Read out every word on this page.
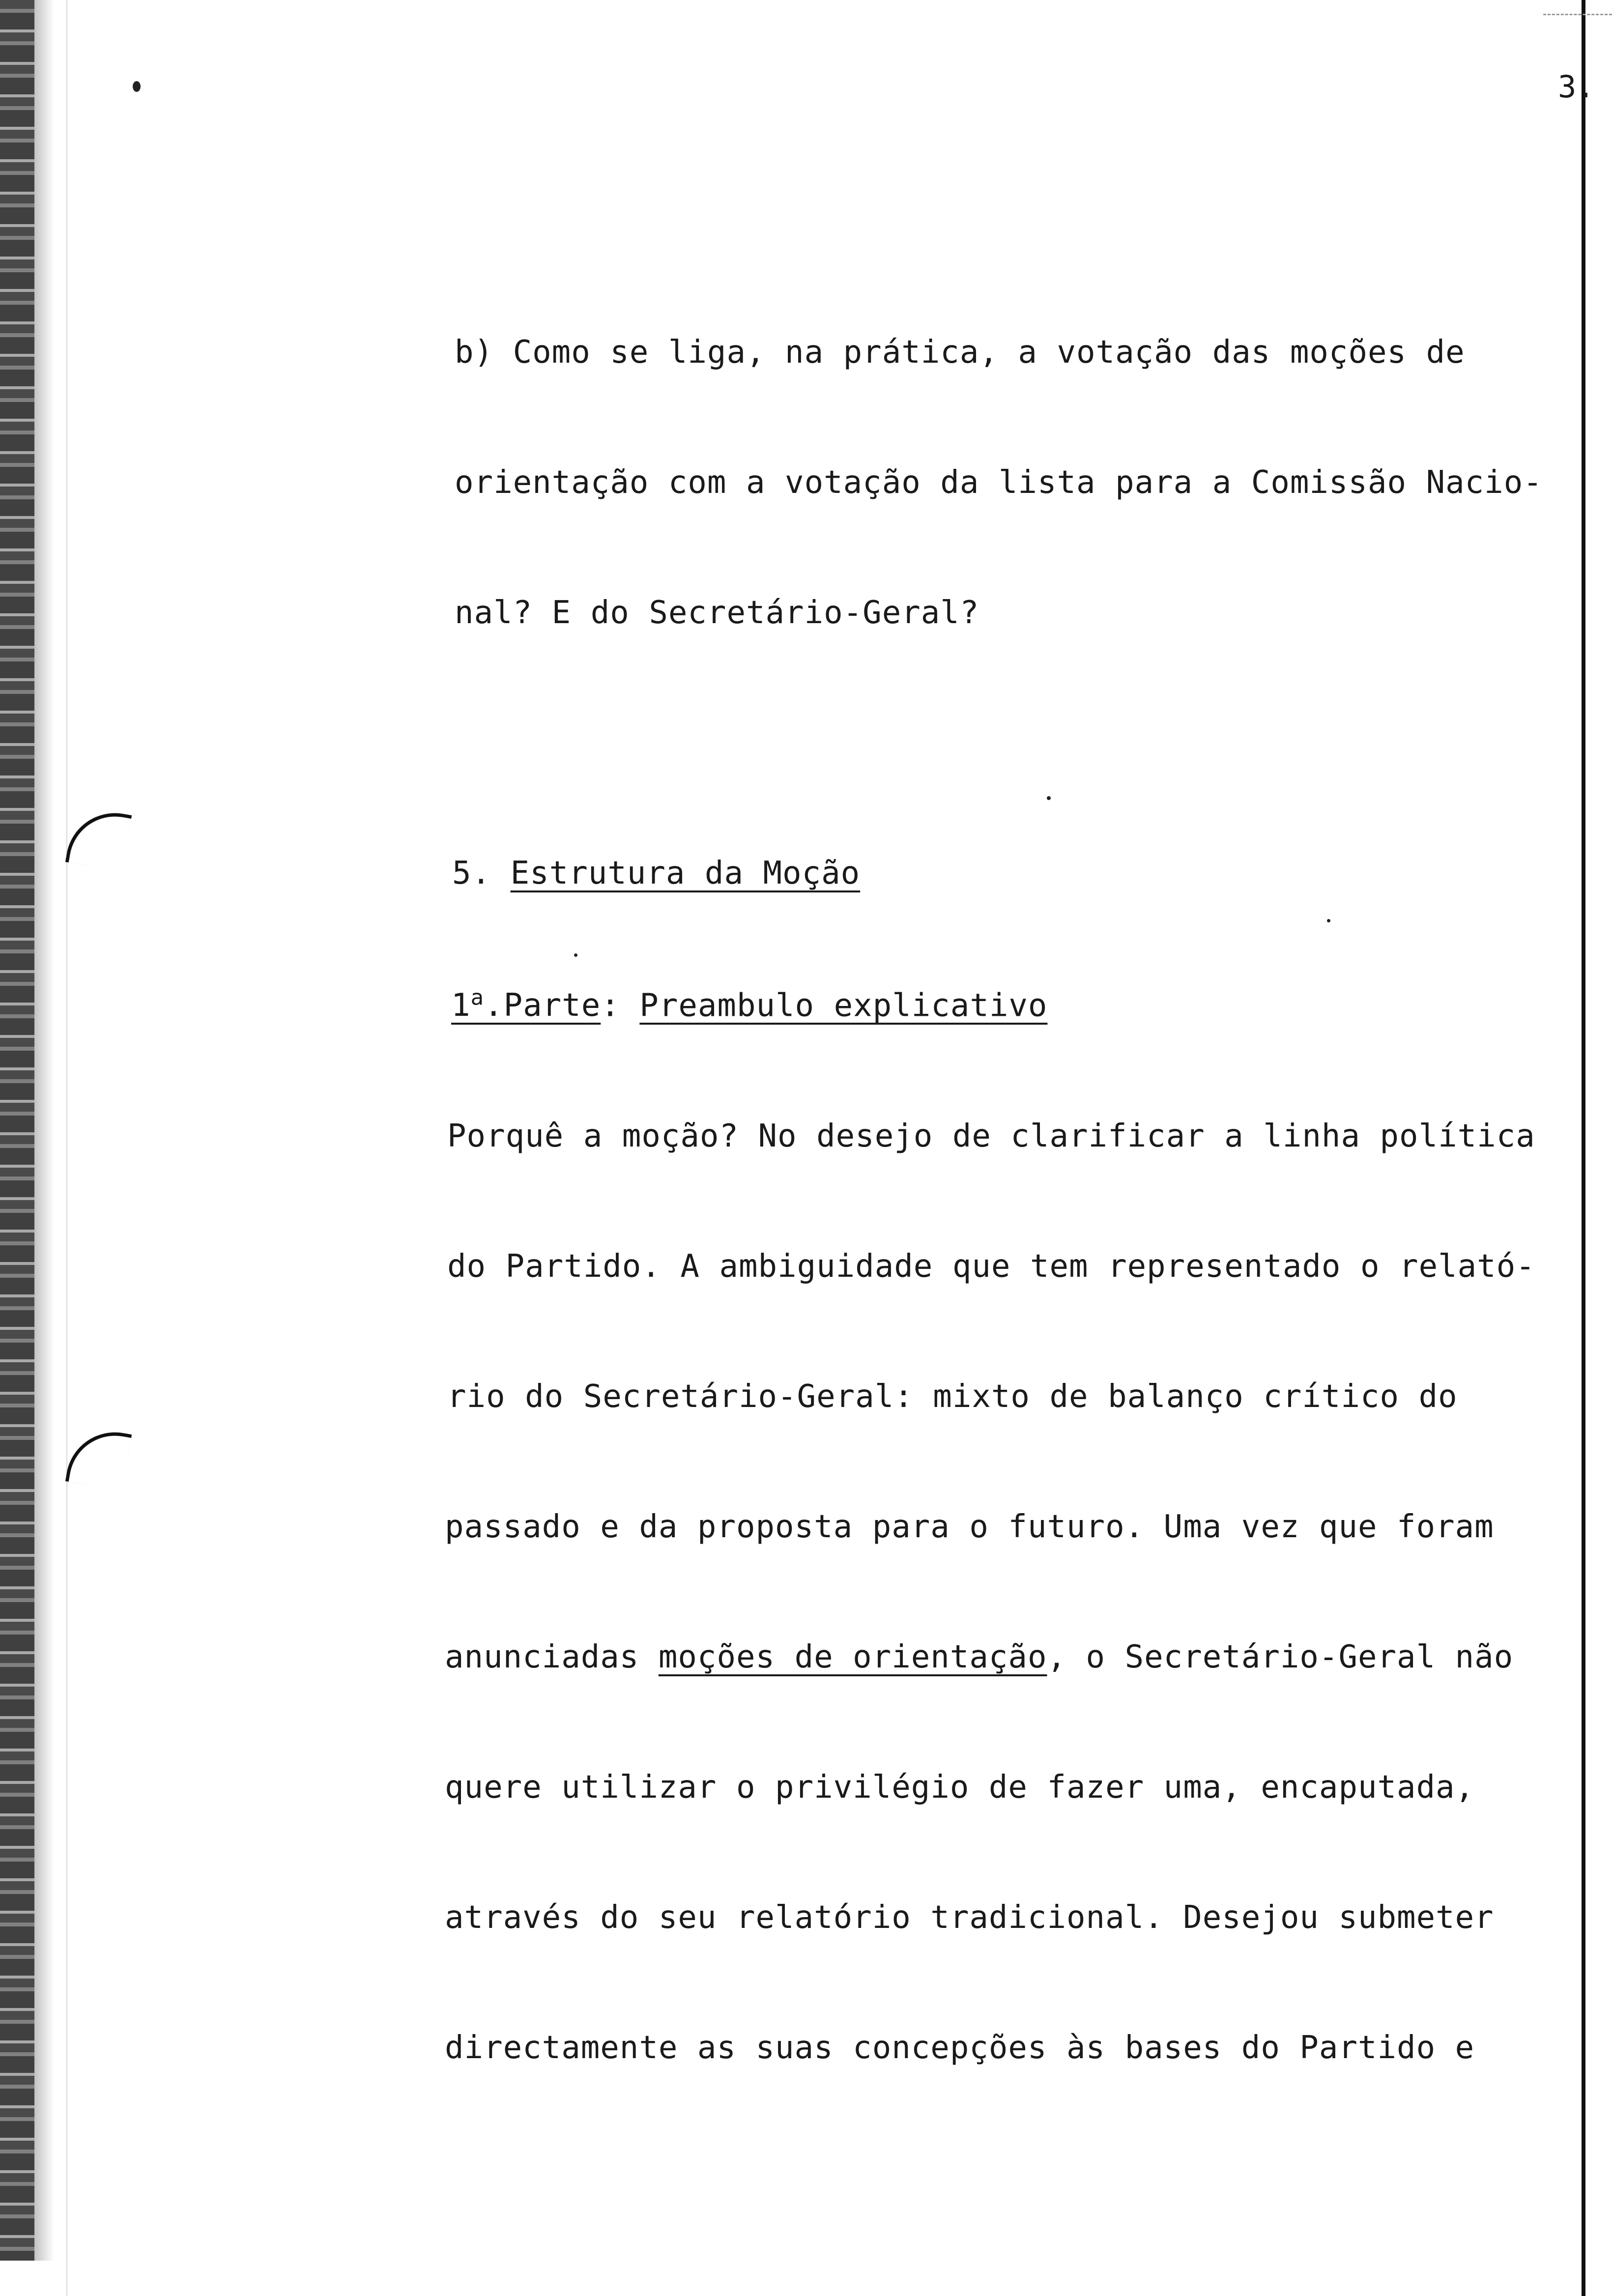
3.
b) Como se liga, na prática, a votação das moções de
orientação com a votação da lista para a Comissão Nacio-
nal? E do Secretário-Geral?
5. Estrutura da Moção
1$^a$.Parte: Preambulo explicativo
Porquê a moção? No desejo de clarificar a linha política
do Partido. A ambiguidade que tem representado o relató-
rio do Secretário-Geral: mixto de balanço crítico do
passado e da proposta para o futuro. Uma vez que foram
anunciadas moções de orientação, o Secretário-Geral não
quere utilizar o privilégio de fazer uma, encaputada,
através do seu relatório tradicional. Desejou submeter
directamente as suas concepções às bases do Partido e
